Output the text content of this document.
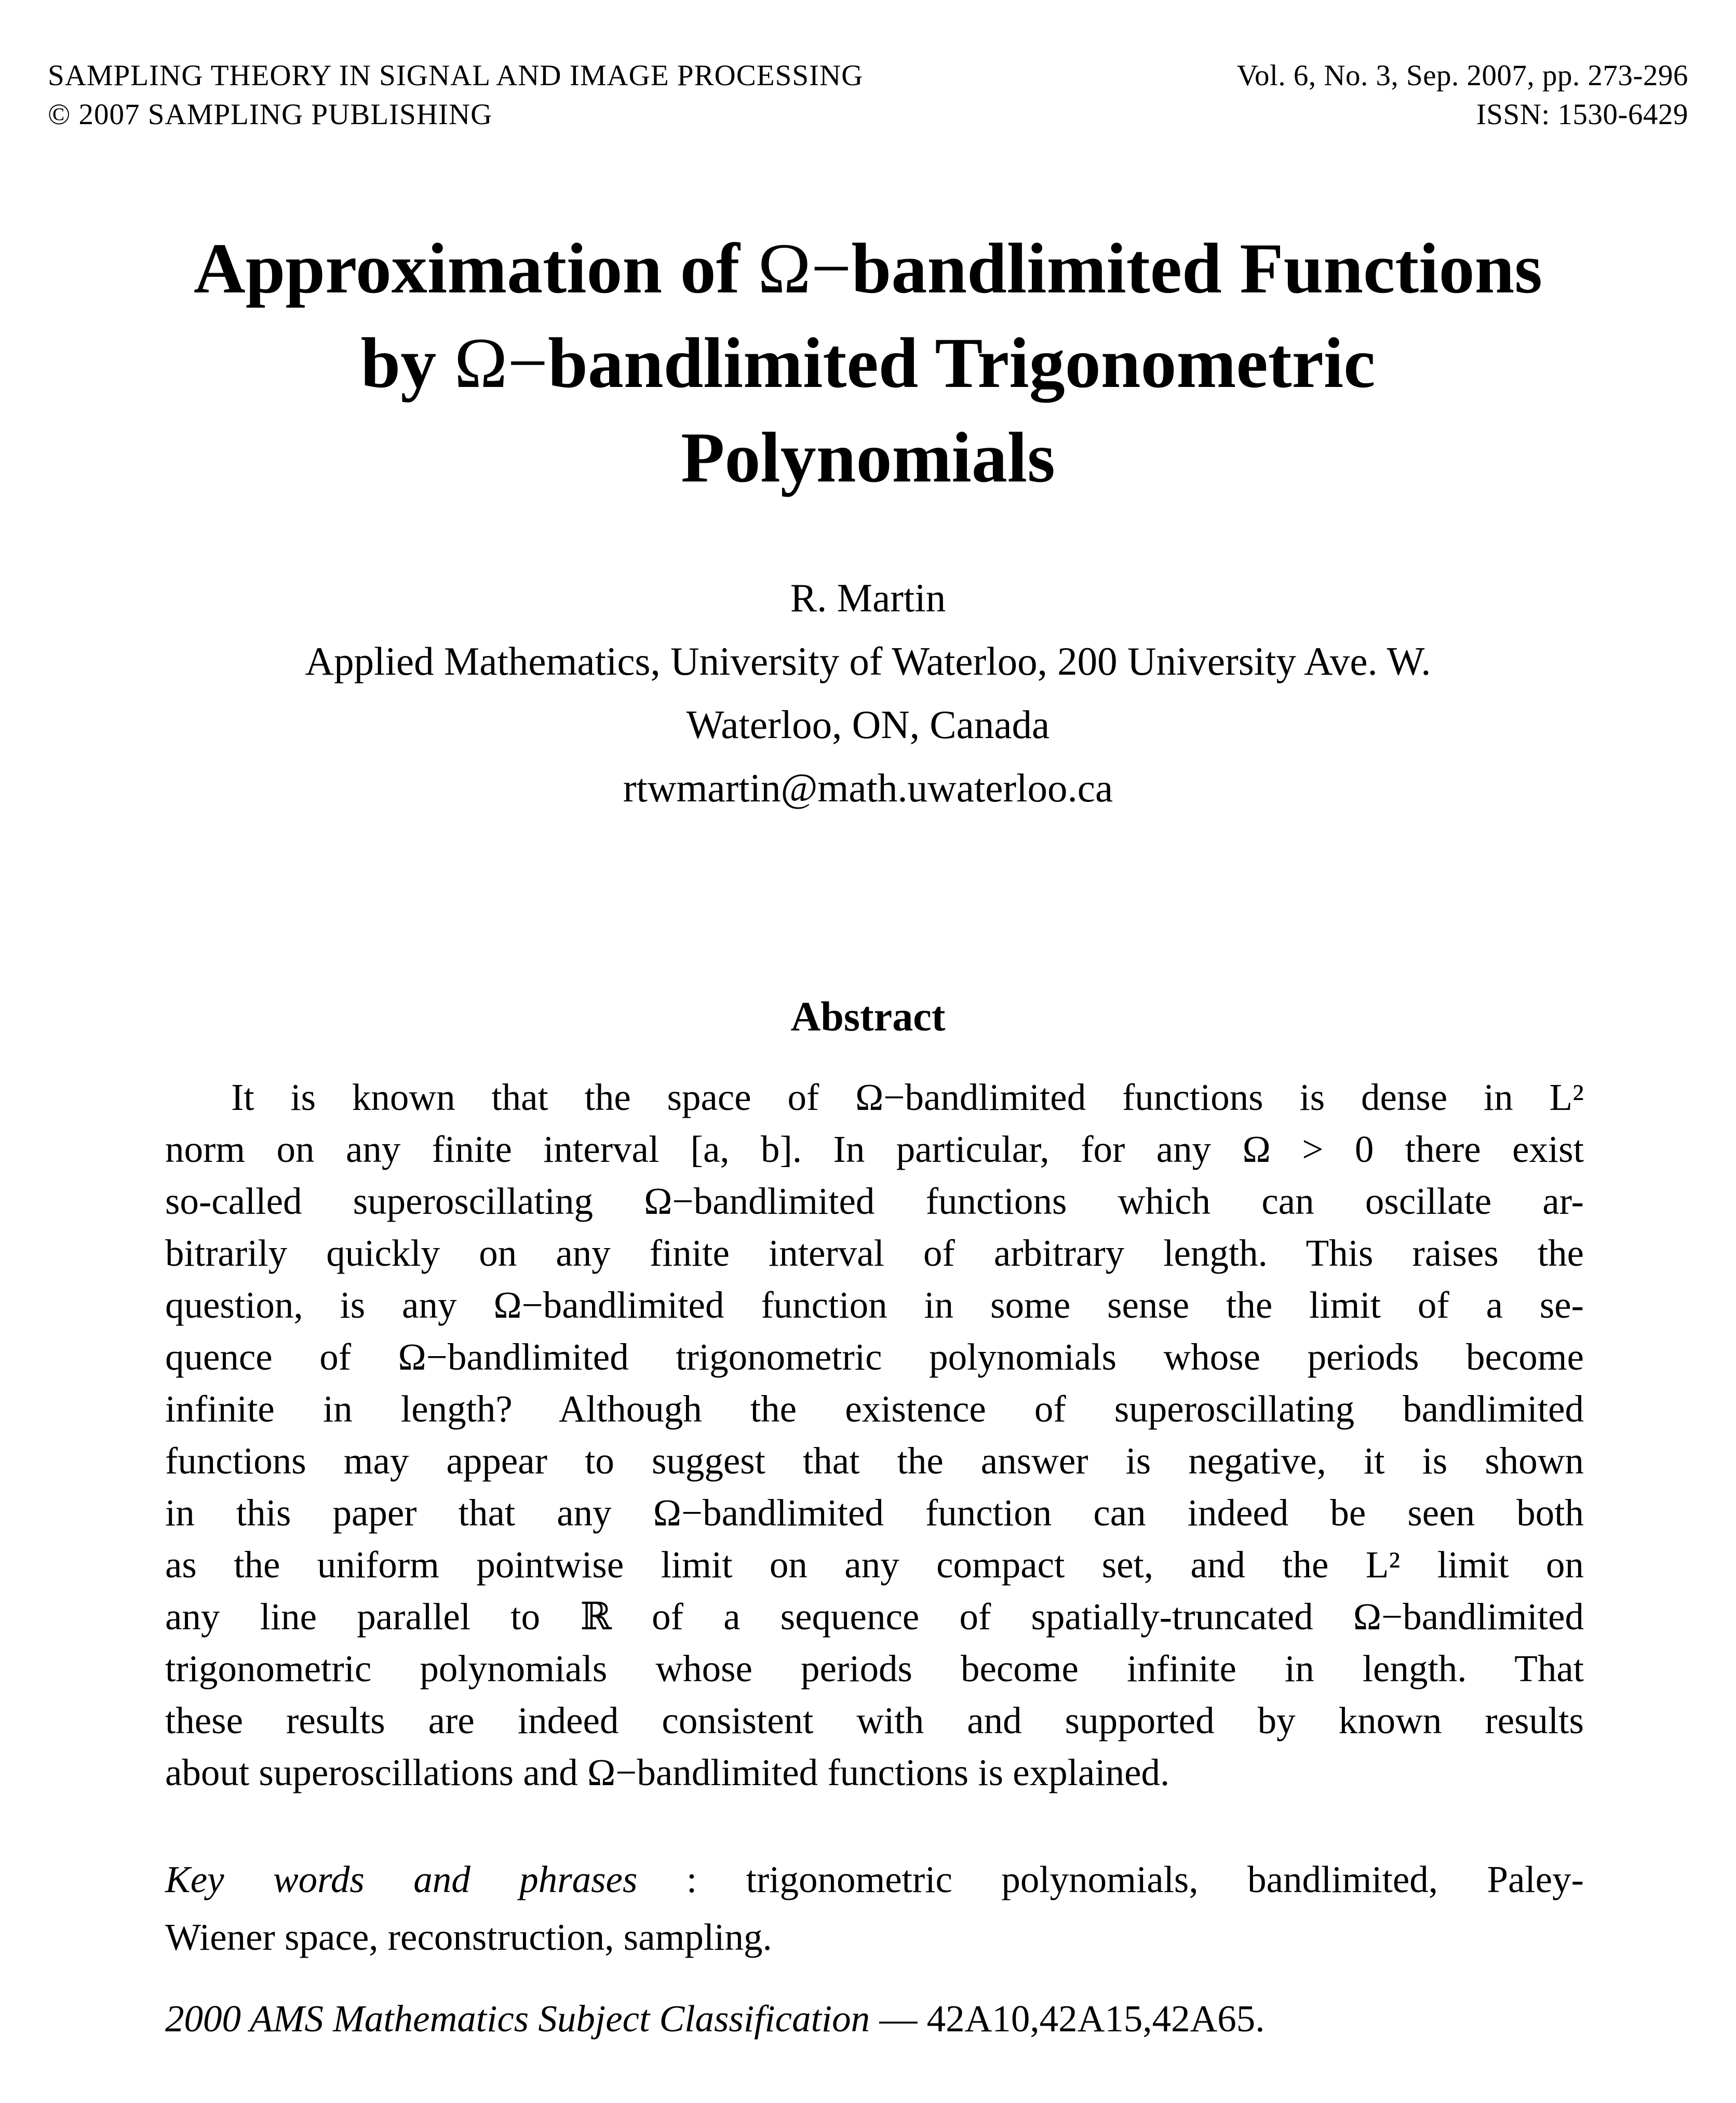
SAMPLING THEORY IN SIGNAL AND IMAGE PROCESSING
© 2007 SAMPLING PUBLISHING
Vol. 6, No. 3, Sep. 2007, pp. 273-296
ISSN: 1530-6429
Approximation of Ω−bandlimited Functions
by Ω−bandlimited Trigonometric
Polynomials
R. Martin
Applied Mathematics, University of Waterloo, 200 University Ave. W.
Waterloo, ON, Canada
rtwmartin@math.uwaterloo.ca
Abstract
It is known that the space of Ω−bandlimited functions is dense in L²
norm on any finite interval [a, b]. In particular, for any Ω > 0 there exist
so-called superoscillating Ω−bandlimited functions which can oscillate ar-
bitrarily quickly on any finite interval of arbitrary length. This raises the
question, is any Ω−bandlimited function in some sense the limit of a se-
quence of Ω−bandlimited trigonometric polynomials whose periods become
infinite in length? Although the existence of superoscillating bandlimited
functions may appear to suggest that the answer is negative, it is shown
in this paper that any Ω−bandlimited function can indeed be seen both
as the uniform pointwise limit on any compact set, and the L² limit on
any line parallel to ℝ of a sequence of spatially-truncated Ω−bandlimited
trigonometric polynomials whose periods become infinite in length. That
these results are indeed consistent with and supported by known results
about superoscillations and Ω−bandlimited functions is explained.
Key words and phrases : trigonometric polynomials, bandlimited, Paley-
Wiener space, reconstruction, sampling.
2000 AMS Mathematics Subject Classification — 42A10,42A15,42A65.
